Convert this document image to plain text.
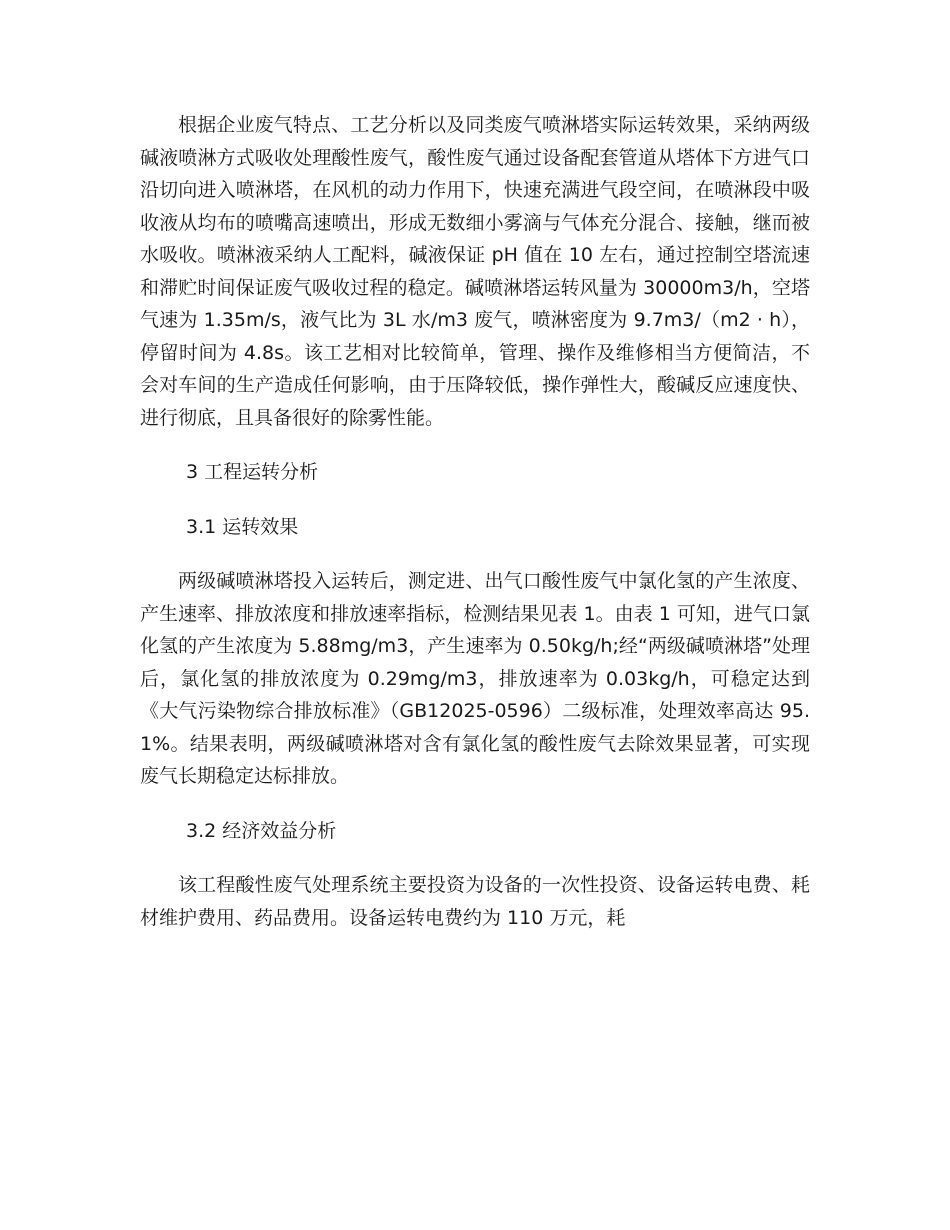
根据企业废气特点、工艺分析以及同类废气喷淋塔实际运转效果，采纳两级碱液喷淋方式吸收处理酸性废气，酸性废气通过设备配套管道从塔体下方进气口沿切向进入喷淋塔，在风机的动力作用下，快速充满进气段空间，在喷淋段中吸收液从均布的喷嘴高速喷出，形成无数细小雾滴与气体充分混合、接触，继而被水吸收。喷淋液采纳人工配料，碱液保证 pH 值在 10 左右，通过控制空塔流速和滞贮时间保证废气吸收过程的稳定。碱喷淋塔运转风量为 30000m3/h，空塔气速为 1.35m/s，液气比为 3L 水/m3 废气，喷淋密度为 9.7m3/（m2 · h），停留时间为 4.8s。该工艺相对比较简单，管理、操作及维修相当方便简洁，不会对车间的生产造成任何影响，由于压降较低，操作弹性大，酸碱反应速度快、进行彻底，且具备很好的除雾性能。

3 工程运转分析
3.1 运转效果

两级碱喷淋塔投入运转后，测定进、出气口酸性废气中氯化氢的产生浓度、产生速率、排放浓度和排放速率指标，检测结果见表 1。由表 1 可知，进气口氯化氢的产生浓度为 5.88mg/m3，产生速率为 0.50kg/h;经“两级碱喷淋塔”处理后，氯化氢的排放浓度为 0.29mg/m3，排放速率为 0.03kg/h，可稳定达到《大气污染物综合排放标准》（GB12025-0596）二级标准，处理效率高达 95.1%。结果表明，两级碱喷淋塔对含有氯化氢的酸性废气去除效果显著，可实现废气长期稳定达标排放。

3.2 经济效益分析

该工程酸性废气处理系统主要投资为设备的一次性投资、设备运转电费、耗材维护费用、药品费用。设备运转电费约为 110 万元，耗
